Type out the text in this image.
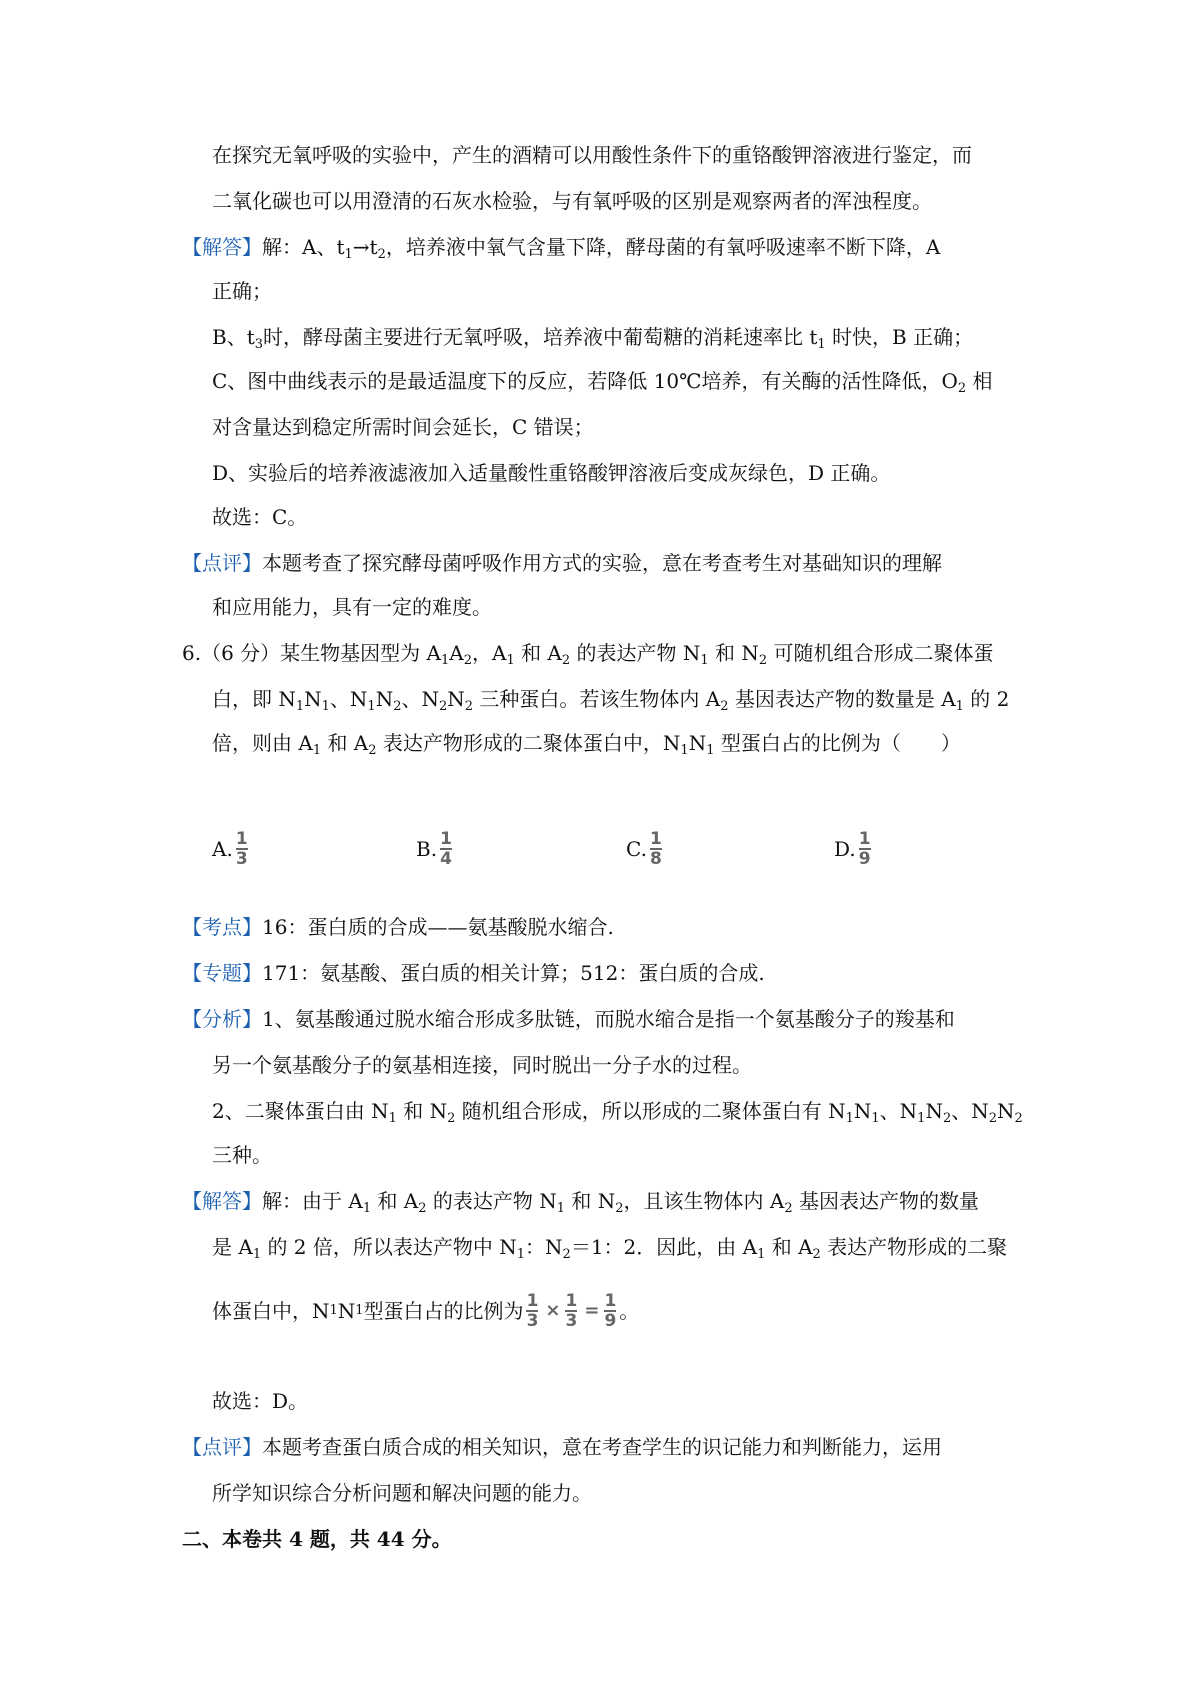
在探究无氧呼吸的实验中，产生的酒精可以用酸性条件下的重铬酸钾溶液进行鉴定，而
二氧化碳也可以用澄清的石灰水检验，与有氧呼吸的区别是观察两者的浑浊程度。
【解答】解：A、$t_1\to t_2$，培养液中氧气含量下降，酵母菌的有氧呼吸速率不断下降，A
正确；
B、$t_3$时，酵母菌主要进行无氧呼吸，培养液中葡萄糖的消耗速率比 $t_1$ 时快，B 正确；
C、图中曲线表示的是最适温度下的反应，若降低 10℃培养，有关酶的活性降低，$O_2$ 相
对含量达到稳定所需时间会延长，C 错误；
D、实验后的培养液滤液加入适量酸性重铬酸钾溶液后变成灰绿色，D 正确。
故选：C。
【点评】本题考查了探究酵母菌呼吸作用方式的实验，意在考查考生对基础知识的理解
和应用能力，具有一定的难度。
6.（6 分）某生物基因型为 $A_1A_2$，$A_1$ 和 $A_2$ 的表达产物 $N_1$ 和 $N_2$ 可随机组合形成二聚体蛋
白，即 $N_1N_1$、$N_1N_2$、$N_2N_2$ 三种蛋白。若该生物体内 $A_2$ 基因表达产物的数量是 $A_1$ 的 2
倍，则由 $A_1$ 和 $A_2$ 表达产物形成的二聚体蛋白中，$N_1N_1$ 型蛋白占的比例为（　　）
A. $\frac{1}{3}$	B. $\frac{1}{4}$	C. $\frac{1}{8}$	D. $\frac{1}{9}$
【考点】16：蛋白质的合成——氨基酸脱水缩合.
【专题】171：氨基酸、蛋白质的相关计算；512：蛋白质的合成.
【分析】1、氨基酸通过脱水缩合形成多肽链，而脱水缩合是指一个氨基酸分子的羧基和
另一个氨基酸分子的氨基相连接，同时脱出一分子水的过程。
2、二聚体蛋白由 $N_1$ 和 $N_2$ 随机组合形成，所以形成的二聚体蛋白有 $N_1N_1$、$N_1N_2$、$N_2N_2$
三种。
【解答】解：由于 $A_1$ 和 $A_2$ 的表达产物 $N_1$ 和 $N_2$，且该生物体内 $A_2$ 基因表达产物的数量
是 $A_1$ 的 2 倍，所以表达产物中 $N_1$：$N_2=1$：2．因此，由 $A_1$ 和 $A_2$ 表达产物形成的二聚
体蛋白中， N 1 N 1 型蛋白占的比例为 $\frac{1}{3} \times \frac{1}{3} = \frac{1}{9}$ 。
故选：D。
【点评】本题考查蛋白质合成的相关知识，意在考查学生的识记能力和判断能力，运用
所学知识综合分析问题和解决问题的能力。
二、本卷共 4 题，共 44 分。
